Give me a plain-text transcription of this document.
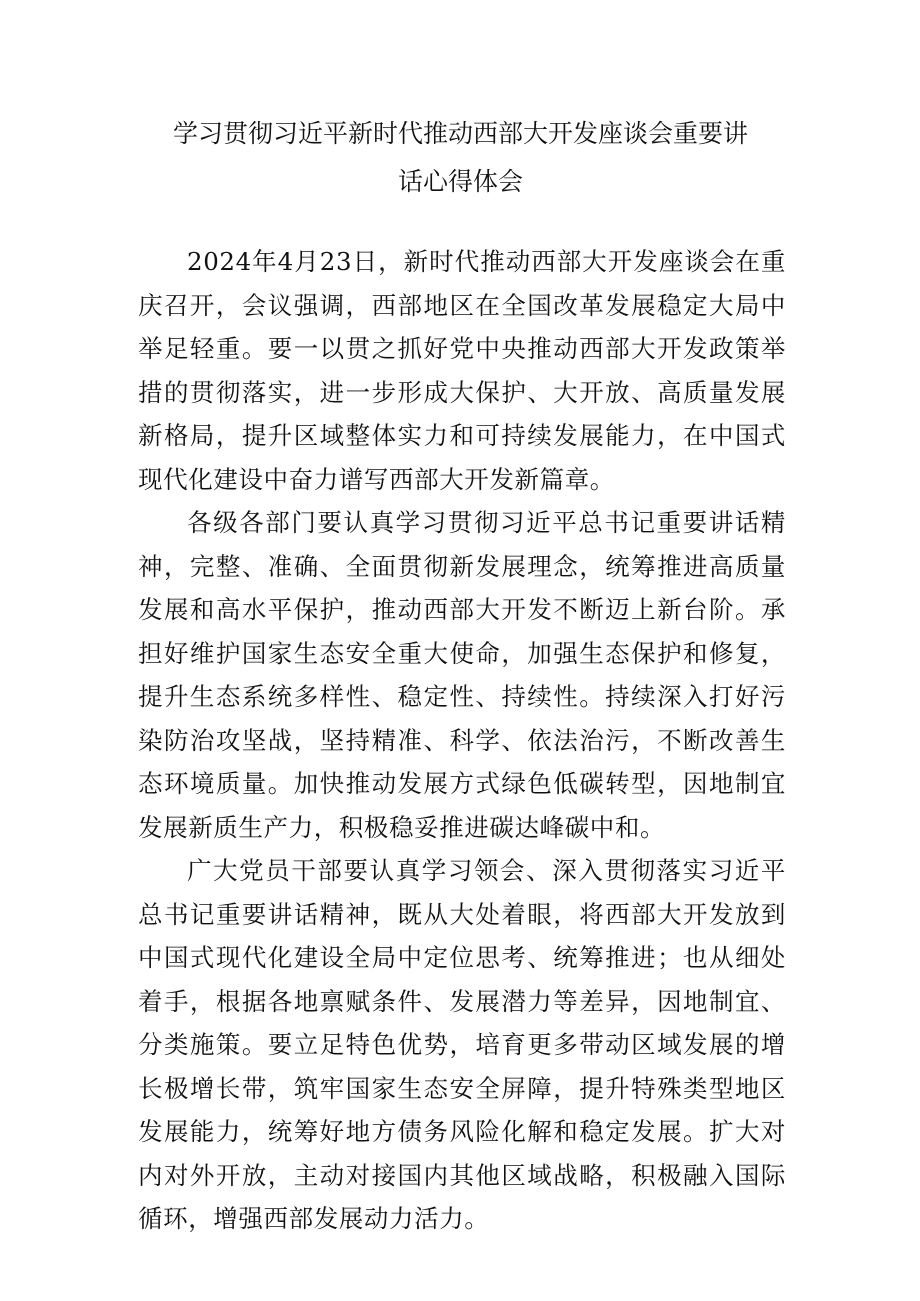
学习贯彻习近平新时代推动西部大开发座谈会重要讲
话心得体会

2024年4月23日，新时代推动西部大开发座谈会在重庆召开，会议强调，西部地区在全国改革发展稳定大局中举足轻重。要一以贯之抓好党中央推动西部大开发政策举措的贯彻落实，进一步形成大保护、大开放、高质量发展新格局，提升区域整体实力和可持续发展能力，在中国式现代化建设中奋力谱写西部大开发新篇章。

各级各部门要认真学习贯彻习近平总书记重要讲话精神，完整、准确、全面贯彻新发展理念，统筹推进高质量发展和高水平保护，推动西部大开发不断迈上新台阶。承担好维护国家生态安全重大使命，加强生态保护和修复，提升生态系统多样性、稳定性、持续性。持续深入打好污染防治攻坚战，坚持精准、科学、依法治污，不断改善生态环境质量。加快推动发展方式绿色低碳转型，因地制宜发展新质生产力，积极稳妥推进碳达峰碳中和。

广大党员干部要认真学习领会、深入贯彻落实习近平总书记重要讲话精神，既从大处着眼，将西部大开发放到中国式现代化建设全局中定位思考、统筹推进；也从细处着手，根据各地禀赋条件、发展潜力等差异，因地制宜、分类施策。要立足特色优势，培育更多带动区域发展的增长极增长带，筑牢国家生态安全屏障，提升特殊类型地区发展能力，统筹好地方债务风险化解和稳定发展。扩大对内对外开放，主动对接国内其他区域战略，积极融入国际循环，增强西部发展动力活力。
